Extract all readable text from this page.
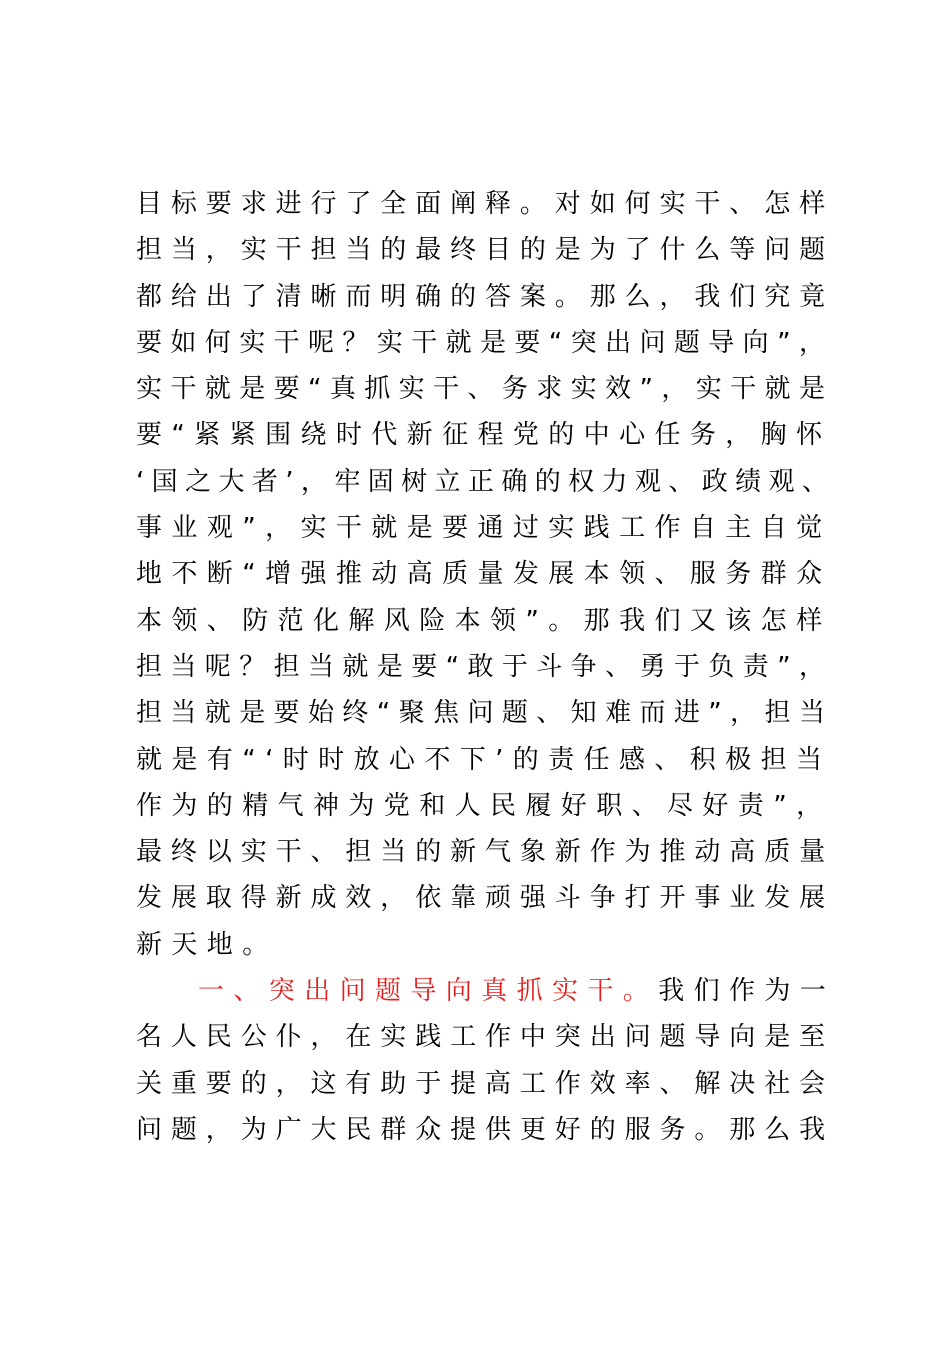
目标要求进行了全面阐释。对如何实干、怎样
担当，实干担当的最终目的是为了什么等问题
都给出了清晰而明确的答案。那么，我们究竟
要如何实干呢？实干就是要“突出问题导向”，
实干就是要“真抓实干、务求实效”，实干就是
要“紧紧围绕时代新征程党的中心任务，胸怀
‘国之大者’，牢固树立正确的权力观、政绩观、
事业观”，实干就是要通过实践工作自主自觉
地不断“增强推动高质量发展本领、服务群众
本领、防范化解风险本领”。那我们又该怎样
担当呢？担当就是要“敢于斗争、勇于负责”，
担当就是要始终“聚焦问题、知难而进”，担当
就是有“‘时时放心不下’的责任感、积极担当
作为的精气神为党和人民履好职、尽好责”，
最终以实干、担当的新气象新作为推动高质量
发展取得新成效，依靠顽强斗争打开事业发展
新天地。
一、突出问题导向真抓实干。我们作为一
名人民公仆，在实践工作中突出问题导向是至
关重要的，这有助于提高工作效率、解决社会
问题，为广大民群众提供更好的服务。那么我
